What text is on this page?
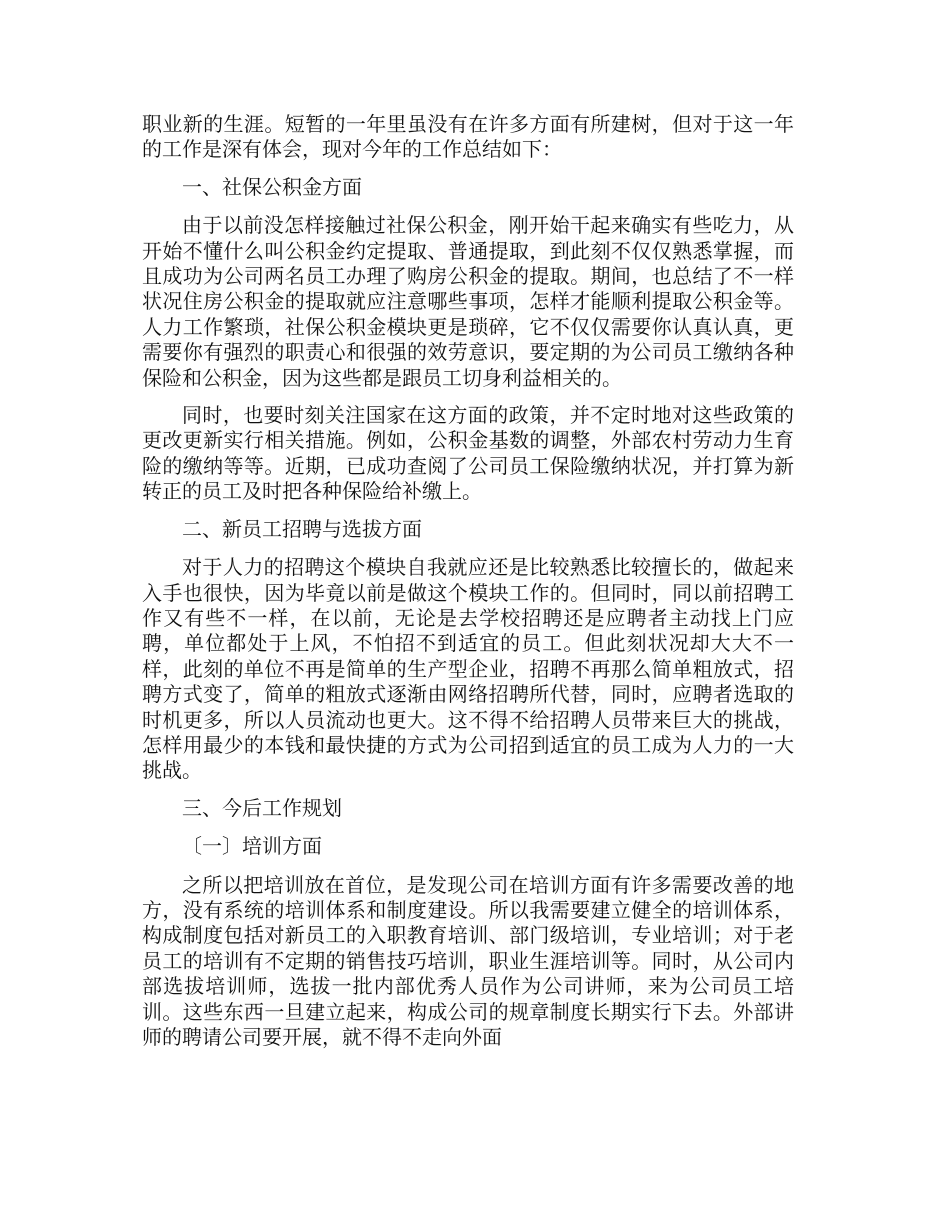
职业新的生涯。短暂的一年里虽没有在许多方面有所建树，但对于这一年的工作是深有体会，现对今年的工作总结如下：

一、社保公积金方面

由于以前没怎样接触过社保公积金，刚开始干起来确实有些吃力，从开始不懂什么叫公积金约定提取、普通提取，到此刻不仅仅熟悉掌握，而且成功为公司两名员工办理了购房公积金的提取。期间，也总结了不一样状况住房公积金的提取就应注意哪些事项，怎样才能顺利提取公积金等。人力工作繁琐，社保公积金模块更是琐碎，它不仅仅需要你认真认真，更需要你有强烈的职责心和很强的效劳意识，要定期的为公司员工缴纳各种保险和公积金，因为这些都是跟员工切身利益相关的。

同时，也要时刻关注国家在这方面的政策，并不定时地对这些政策的更改更新实行相关措施。例如，公积金基数的调整，外部农村劳动力生育险的缴纳等等。近期，已成功查阅了公司员工保险缴纳状况，并打算为新转正的员工及时把各种保险给补缴上。

二、新员工招聘与选拔方面

对于人力的招聘这个模块自我就应还是比较熟悉比较擅长的，做起来入手也很快，因为毕竟以前是做这个模块工作的。但同时，同以前招聘工作又有些不一样，在以前，无论是去学校招聘还是应聘者主动找上门应聘，单位都处于上风，不怕招不到适宜的员工。但此刻状况却大大不一样，此刻的单位不再是简单的生产型企业，招聘不再那么简单粗放式，招聘方式变了，简单的粗放式逐渐由网络招聘所代替，同时，应聘者选取的时机更多，所以人员流动也更大。这不得不给招聘人员带来巨大的挑战，怎样用最少的本钱和最快捷的方式为公司招到适宜的员工成为人力的一大挑战。

三、今后工作规划

〔一〕培训方面

之所以把培训放在首位，是发现公司在培训方面有许多需要改善的地方，没有系统的培训体系和制度建设。所以我需要建立健全的培训体系，构成制度包括对新员工的入职教育培训、部门级培训，专业培训；对于老员工的培训有不定期的销售技巧培训，职业生涯培训等。同时，从公司内部选拔培训师，选拔一批内部优秀人员作为公司讲师，来为公司员工培训。这些东西一旦建立起来，构成公司的规章制度长期实行下去。外部讲师的聘请公司要开展，就不得不走向外面
